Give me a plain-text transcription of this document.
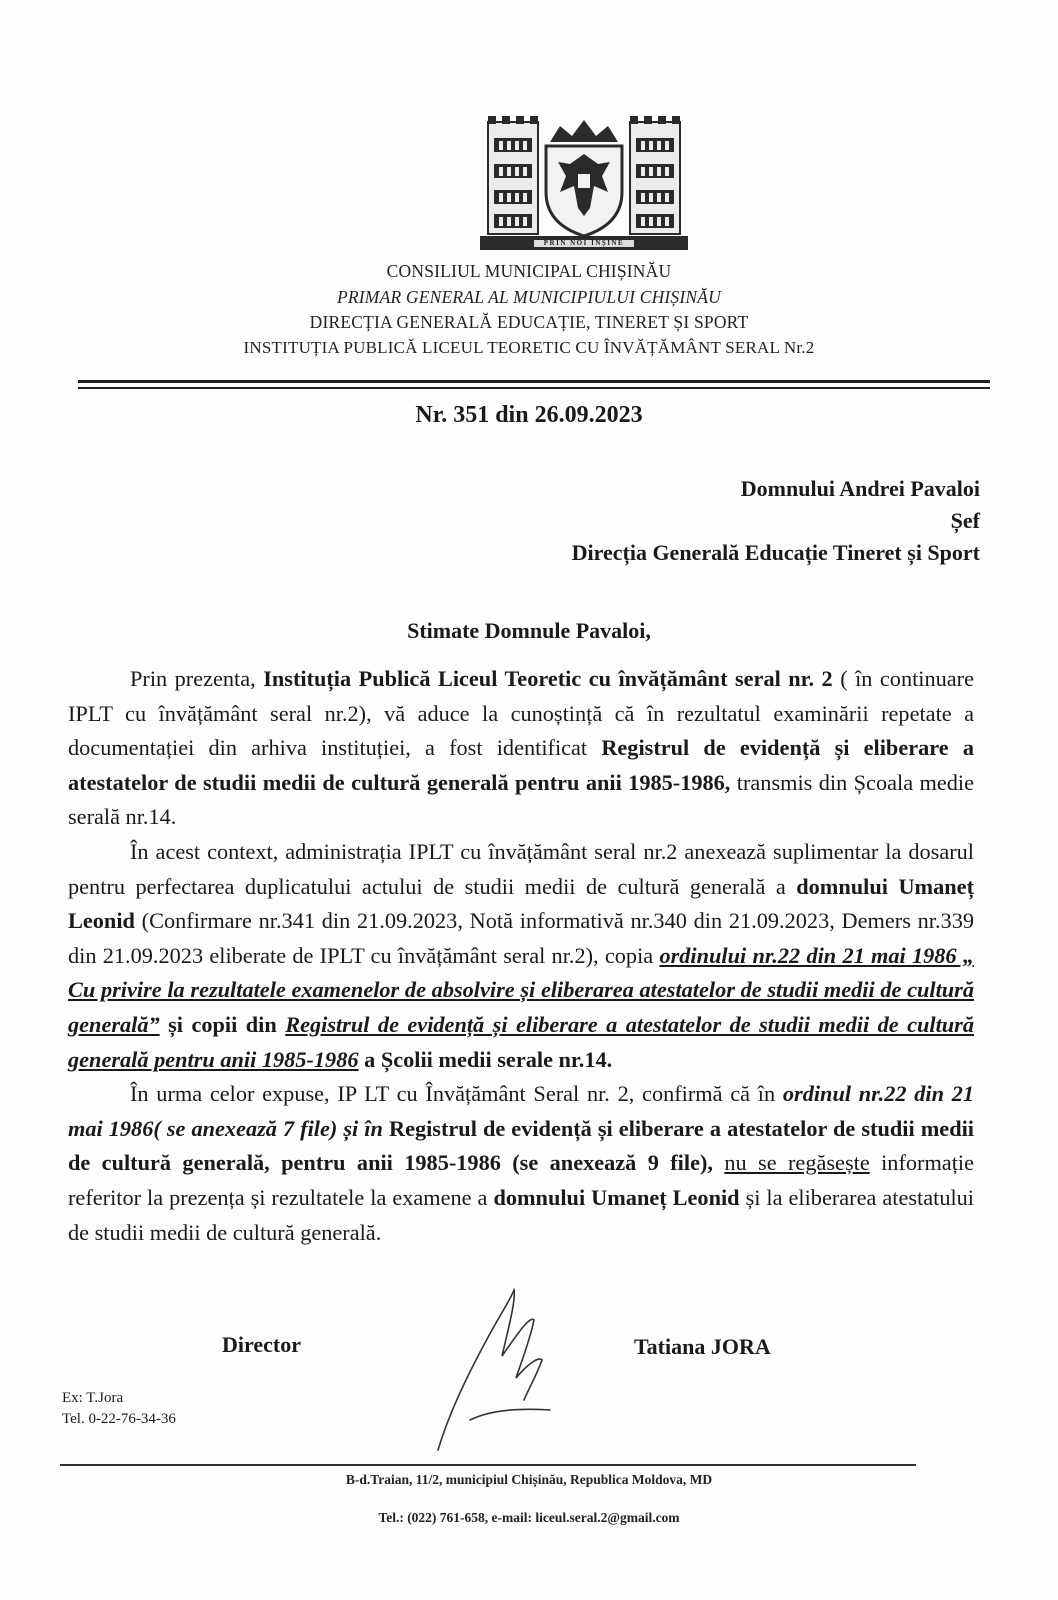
PRIN NOI ÎNȘINE
CONSILIUL MUNICIPAL CHIȘINĂU
PRIMAR GENERAL AL MUNICIPIULUI CHIȘINĂU
DIRECȚIA GENERALĂ EDUCAȚIE, TINERET ȘI SPORT
INSTITUȚIA PUBLICĂ LICEUL TEORETIC CU ÎNVĂȚĂMÂNT SERAL Nr.2
Nr. 351 din 26.09.2023
Domnului Andrei Pavaloi
Șef
Direcția Generală Educație Tineret și Sport
Stimate Domnule Pavaloi,

Prin prezenta, Instituția Publică Liceul Teoretic cu învățământ seral nr. 2 ( în continuare IPLT cu învățământ seral nr.2), vă aduce la cunoștință că în rezultatul examinării repetate a documentației din arhiva instituției, a fost identificat Registrul de evidență și eliberare a atestatelor de studii medii de cultură generală pentru anii 1985-1986, transmis din Școala medie serală nr.14.

În acest context, administrația IPLT cu învățământ seral nr.2 anexează suplimentar la dosarul pentru perfectarea duplicatului actului de studii medii de cultură generală a domnului Umaneț Leonid (Confirmare nr.341 din 21.09.2023, Notă informativă nr.340 din 21.09.2023, Demers nr.339 din 21.09.2023 eliberate de IPLT cu învățământ seral nr.2), copia ordinului nr.22 din 21 mai 1986 „ Cu privire la rezultatele examenelor de absolvire și eliberarea atestatelor de studii medii de cultură generală” și copii din Registrul de evidență și eliberare a atestatelor de studii medii de cultură generală pentru anii 1985-1986 a Școlii medii serale nr.14.

În urma celor expuse, IP LT cu Învățământ Seral nr. 2, confirmă că în ordinul nr.22 din 21 mai 1986( se anexează 7 file) și în Registrul de evidență și eliberare a atestatelor de studii medii de cultură generală, pentru anii 1985-1986 (se anexează 9 file), nu se regăsește informație referitor la prezența și rezultatele la examene a domnului Umaneț Leonid și la eliberarea atestatului de studii medii de cultură generală.

Director	Tatiana JORA
Ex: T.Jora
Tel. 0-22-76-34-36
B-d.Traian, 11/2, municipiul Chișinău, Republica Moldova, MD
Tel.: (022) 761-658, e-mail: liceul.seral.2@gmail.com
